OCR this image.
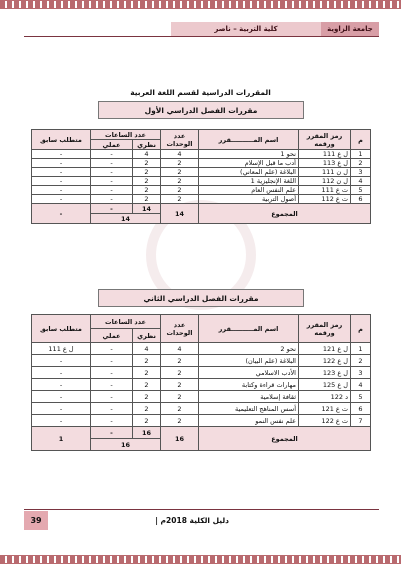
جامعة الزاوية
كلية التربية – ناصر
المقررات الدراسية لقسم اللغة العربية
مقررات الفصل الدراسي الأول
م	رمز المقرر ورقمه	اسم المــــــــــقرر	عدد الوحدات	عدد الساعات		متطلب سابق
				نظري	عملي	
1	ل ع 111	نحو 1	4	4	-	-
2	ل ع 113	أدب ما قبل الإسلام	2	2	-	-
3	ل ن 111	البلاغة (علم المعاني)	2	2	-	-
4	ل ن 112	اللغة الإنجليزية 1	2	2	-	-
5	ت ع 111	علم النفس العام	2	2	-	-
6	ت ع 112	أصول التربية	2	2	-	-
المجموع			14	14	-	-
				14		
مقررات الفصل الدراسي الثاني
م	رمز المقرر ورقمه	اسم المــــــــــقرر	عدد الوحدات	عدد الساعات		متطلب سابق
				نظري	عملي	
1	ل ع 121	نحو 2	4	4	-	ل ع 111
2	ل ع 122	البلاغة (علم البيان)	2	2	-	-
3	ل ع 123	الأدب الاسلامي	2	2	-	-
4	ل ع 125	مهارات قراءة وكتابة	2	2	-	-
5	د 122	ثقافة إسلامية	2	2	-	-
6	ت ع 121	أسس المناهج التعليمية	2	2	-	-
7	ت ع 122	علم نفس النمو	2	2	-	-
المجموع			16	16	-	1
				16		
دليل الكلية 2018م |
39
